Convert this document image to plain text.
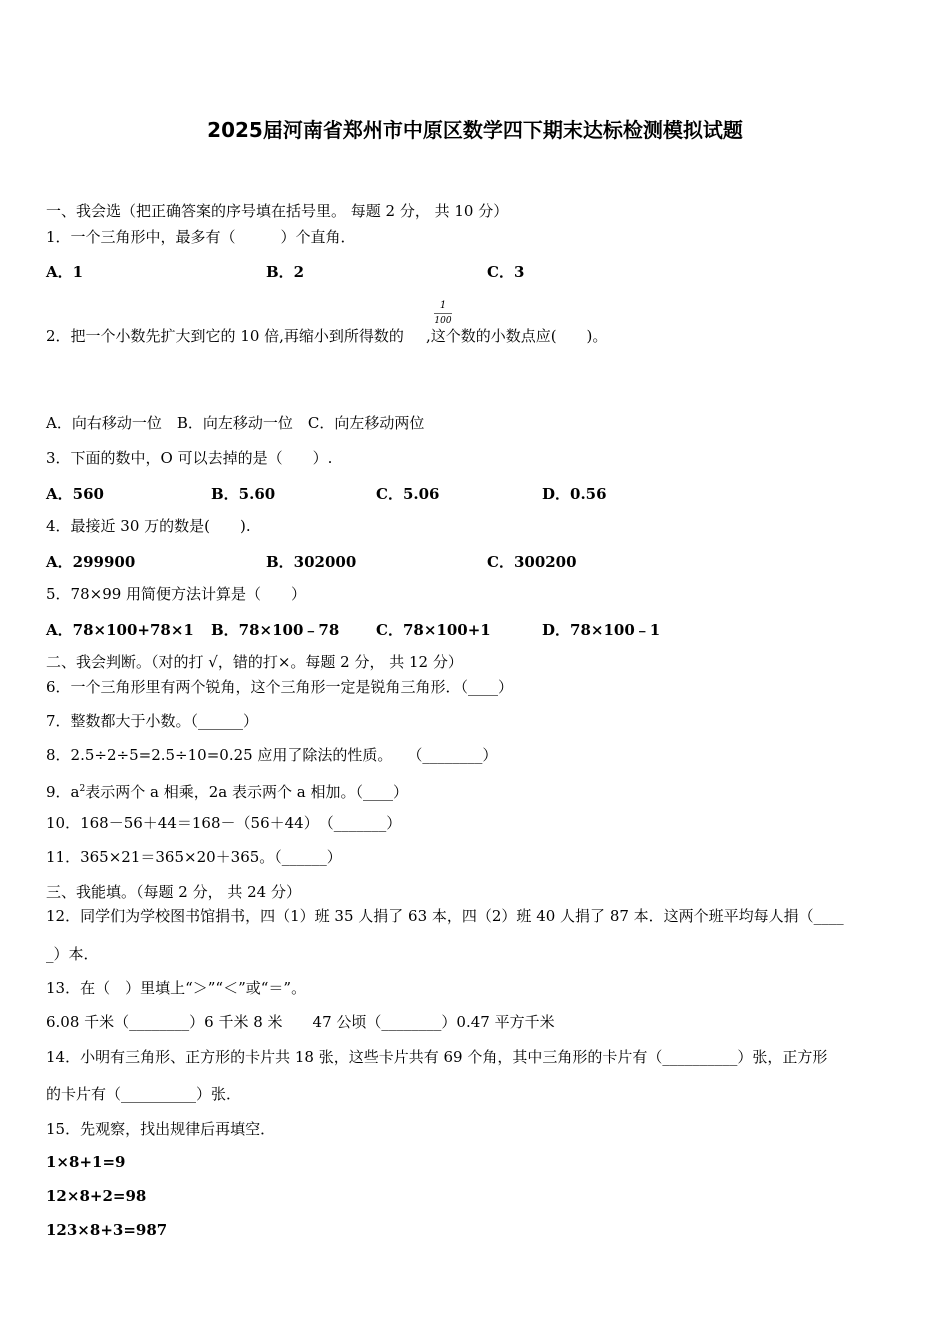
2025届河南省郑州市中原区数学四下期末达标检测模拟试题
一、我会选（把正确答案的序号填在括号里。 每题 2 分， 共 10 分）
1．一个三角形中，最多有（　　　）个直角．
A．1	B．2	C．3
2．把一个小数先扩大到它的 10 倍,再缩小到所得数的 ,这个数的小数点应(　　)。
1
100
A．向右移动一位　B．向左移动一位　C．向左移动两位
3．下面的数中，O 可以去掉的是（　　）.
A．560	B．5.60	C．5.06	D．0.56
4．最接近 30 万的数是(　　).
A．299900	B．302000	C．300200
5．78×99 用简便方法计算是（　　）
A．78×100+78×1 B．78×100﹣78 C．78×100+1	D．78×100﹣1
二、我会判断。（对的打 √，错的打×。每题 2 分， 共 12 分）
6．一个三角形里有两个锐角，这个三角形一定是锐角三角形．（____）
7．整数都大于小数。（______）
8．2.5÷2÷5=2.5÷10=0.25 应用了除法的性质。　　（________）
9．$a^2$表示两个 a 相乘，2a 表示两个 a 相加。（____）
10．168－56＋44＝168－（56＋44）　（_______）
11．365×21＝365×20＋365。（______）
三、我能填。（每题 2 分， 共 24 分）
12．同学们为学校图书馆捐书，四（1）班 35 人捐了 63 本，四（2）班 40 人捐了 87 本．这两个班平均每人捐（____
_）本．
13．在（　）里填上“＞”“＜”或“＝”。
6.08 千米（________）6 千米 8 米　　47 公顷（________）0.47 平方千米
14．小明有三角形、正方形的卡片共 18 张，这些卡片共有 69 个角，其中三角形的卡片有（__________）张，正方形
的卡片有（__________）张．
15．先观察，找出规律后再填空．
1×8+1=9
12×8+2=98
123×8+3=987
